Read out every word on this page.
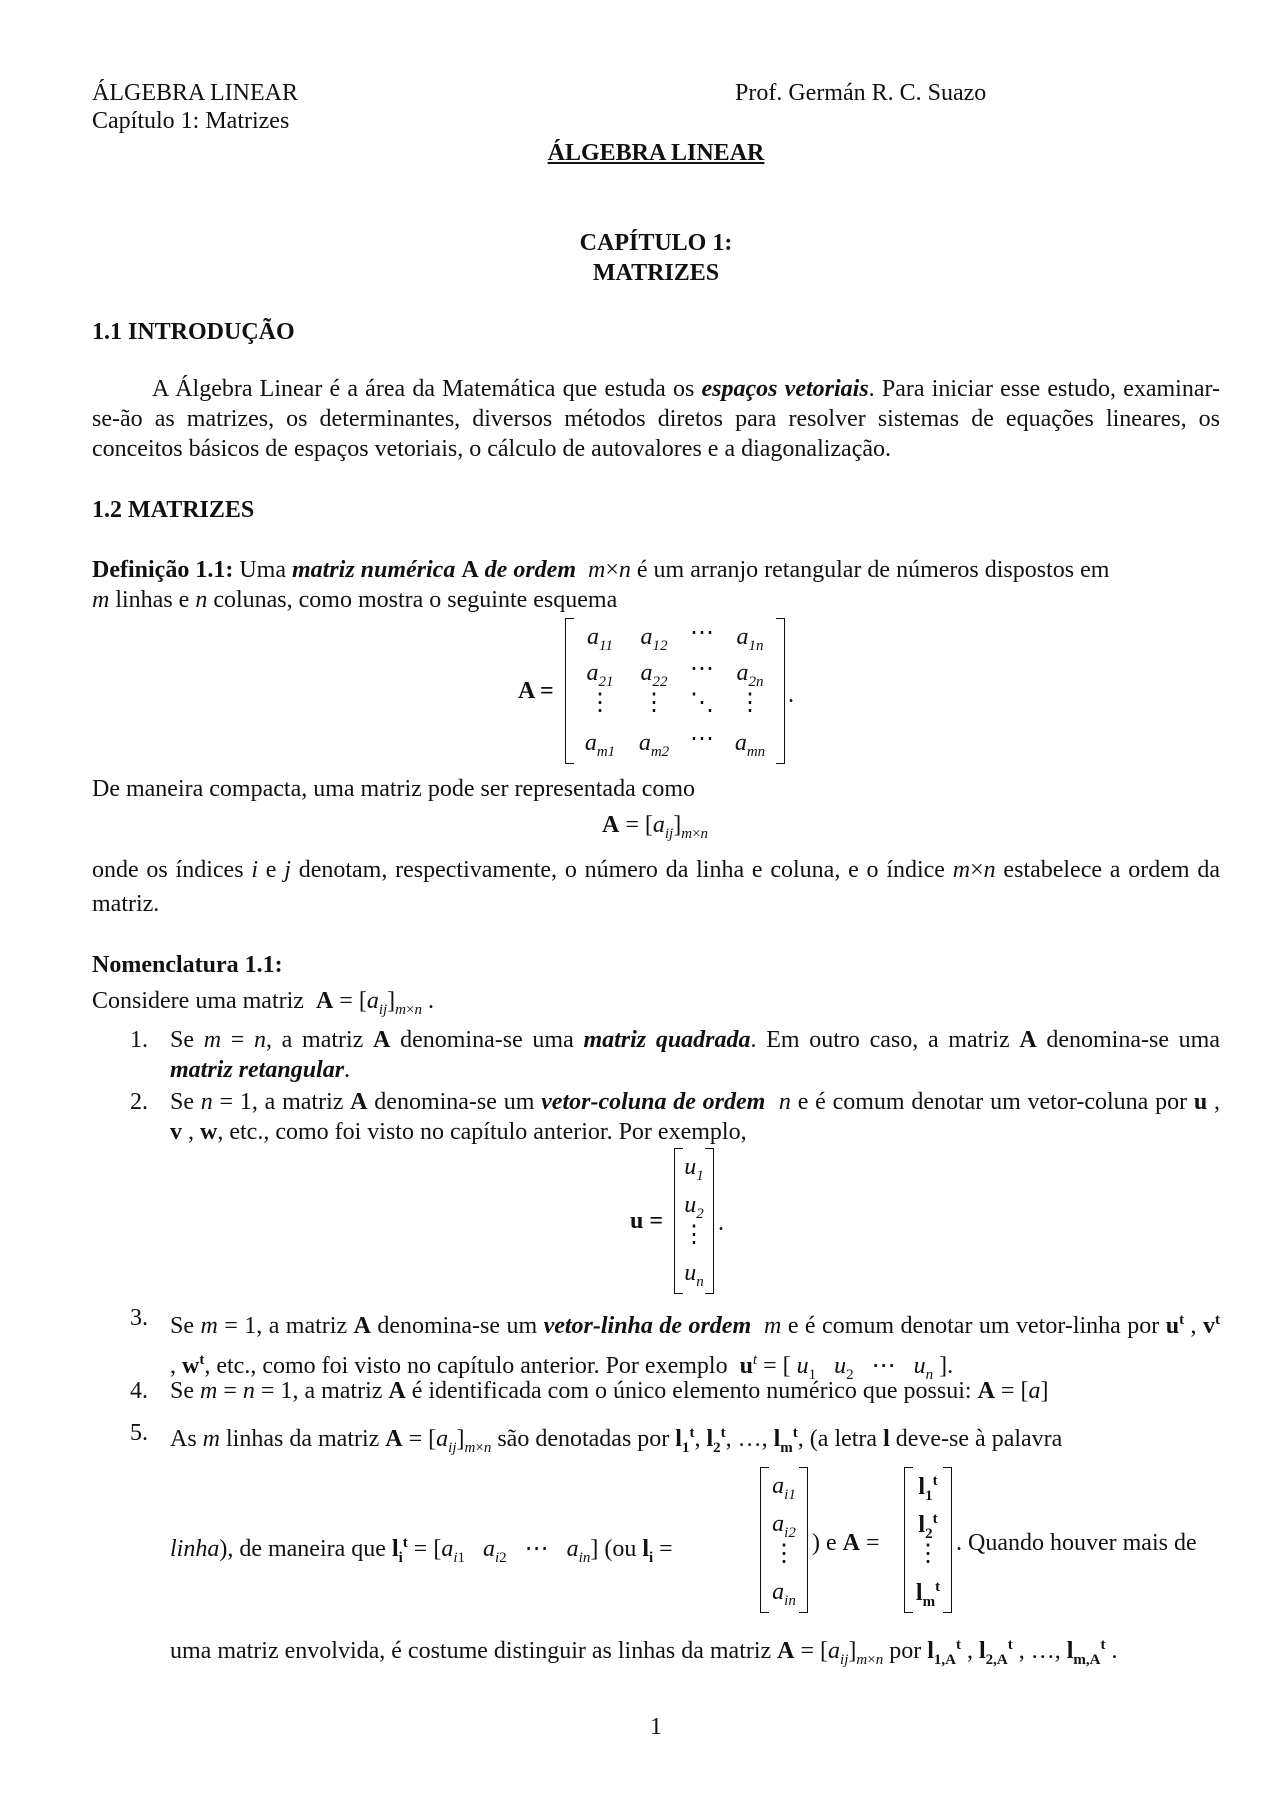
ÁLGEBRA LINEAR
Capítulo 1: Matrizes
Prof. Germán R. C. Suazo
ÁLGEBRA LINEAR
CAPÍTULO 1:
MATRIZES
1.1 INTRODUÇÃO
A Álgebra Linear é a área da Matemática que estuda os espaços vetoriais. Para iniciar esse estudo, examinar-se-ão as matrizes, os determinantes, diversos métodos diretos para resolver sistemas de equações lineares, os conceitos básicos de espaços vetoriais, o cálculo de autovalores e a diagonalização.
1.2 MATRIZES
Definição 1.1: Uma matriz numérica A de ordem m×n é um arranjo retangular de números dispostos em
m linhas e n colunas, como mostra o seguinte esquema
A =
$a_{11}$	$a_{12}$ ⋯ $a_{1n}$
$a_{21}$	$a_{22}$ ⋯ $a_{2n}$
⋮	⋮	⋱	⋮
$a_{m1}$ $a_{m2}$ ⋯ $a_{mn}$
.
De maneira compacta, uma matriz pode ser representada como
$A = [a_{ij}]_{m\times n}$
onde os índices i e j denotam, respectivamente, o número da linha e coluna, e o índice m×n estabelece a ordem da matriz.
Nomenclatura 1.1:
Considere uma matriz $A = [a_{ij}]_{m\times n}$ .
1. Se m = n, a matriz A denomina-se uma matriz quadrada. Em outro caso, a matriz A denomina-se uma matriz retangular.
2. Se n = 1, a matriz A denomina-se um vetor-coluna de ordem n e é comum denotar um vetor-coluna por u , v , w, etc., como foi visto no capítulo anterior. Por exemplo,
u =
$u_1$
$u_2$
⋮
$u_n$
.
3. Se m = 1, a matriz A denomina-se um vetor-linha de ordem m e é comum denotar um vetor-linha por $u^t$ , $v^t$ , $w^t$, etc., como foi visto no capítulo anterior. Por exemplo $u^t$ = [ $u_1$ $u_2$   ⋯   $u_n$ ].
4. Se m = n = 1, a matriz A é identificada com o único elemento numérico que possui: A = [a]
5. As m linhas da matriz $A = [a_{ij}]_{m\times n}$ são denotadas por $l_1^t$, $l_2^t$, …, $l_m^t$, (a letra l deve-se à palavra
linha), de maneira que $l_i^t = [a_{i1}$ $a_{i2}$   ⋯   $a_{in}$] (ou $l_i$ =
$a_{i1}$
$a_{i2}$
⋮
$a_{in}$
) e A =
$l_1^t$
$l_2^t$
⋮
$l_m^t$
. Quando houver mais de
uma matriz envolvida, é costume distinguir as linhas da matriz $A = [a_{ij}]_{m\times n}$ por $l_{1,A}^t$ , $l_{2,A}^t$ , …, $l_{m,A}^t$ .
1
